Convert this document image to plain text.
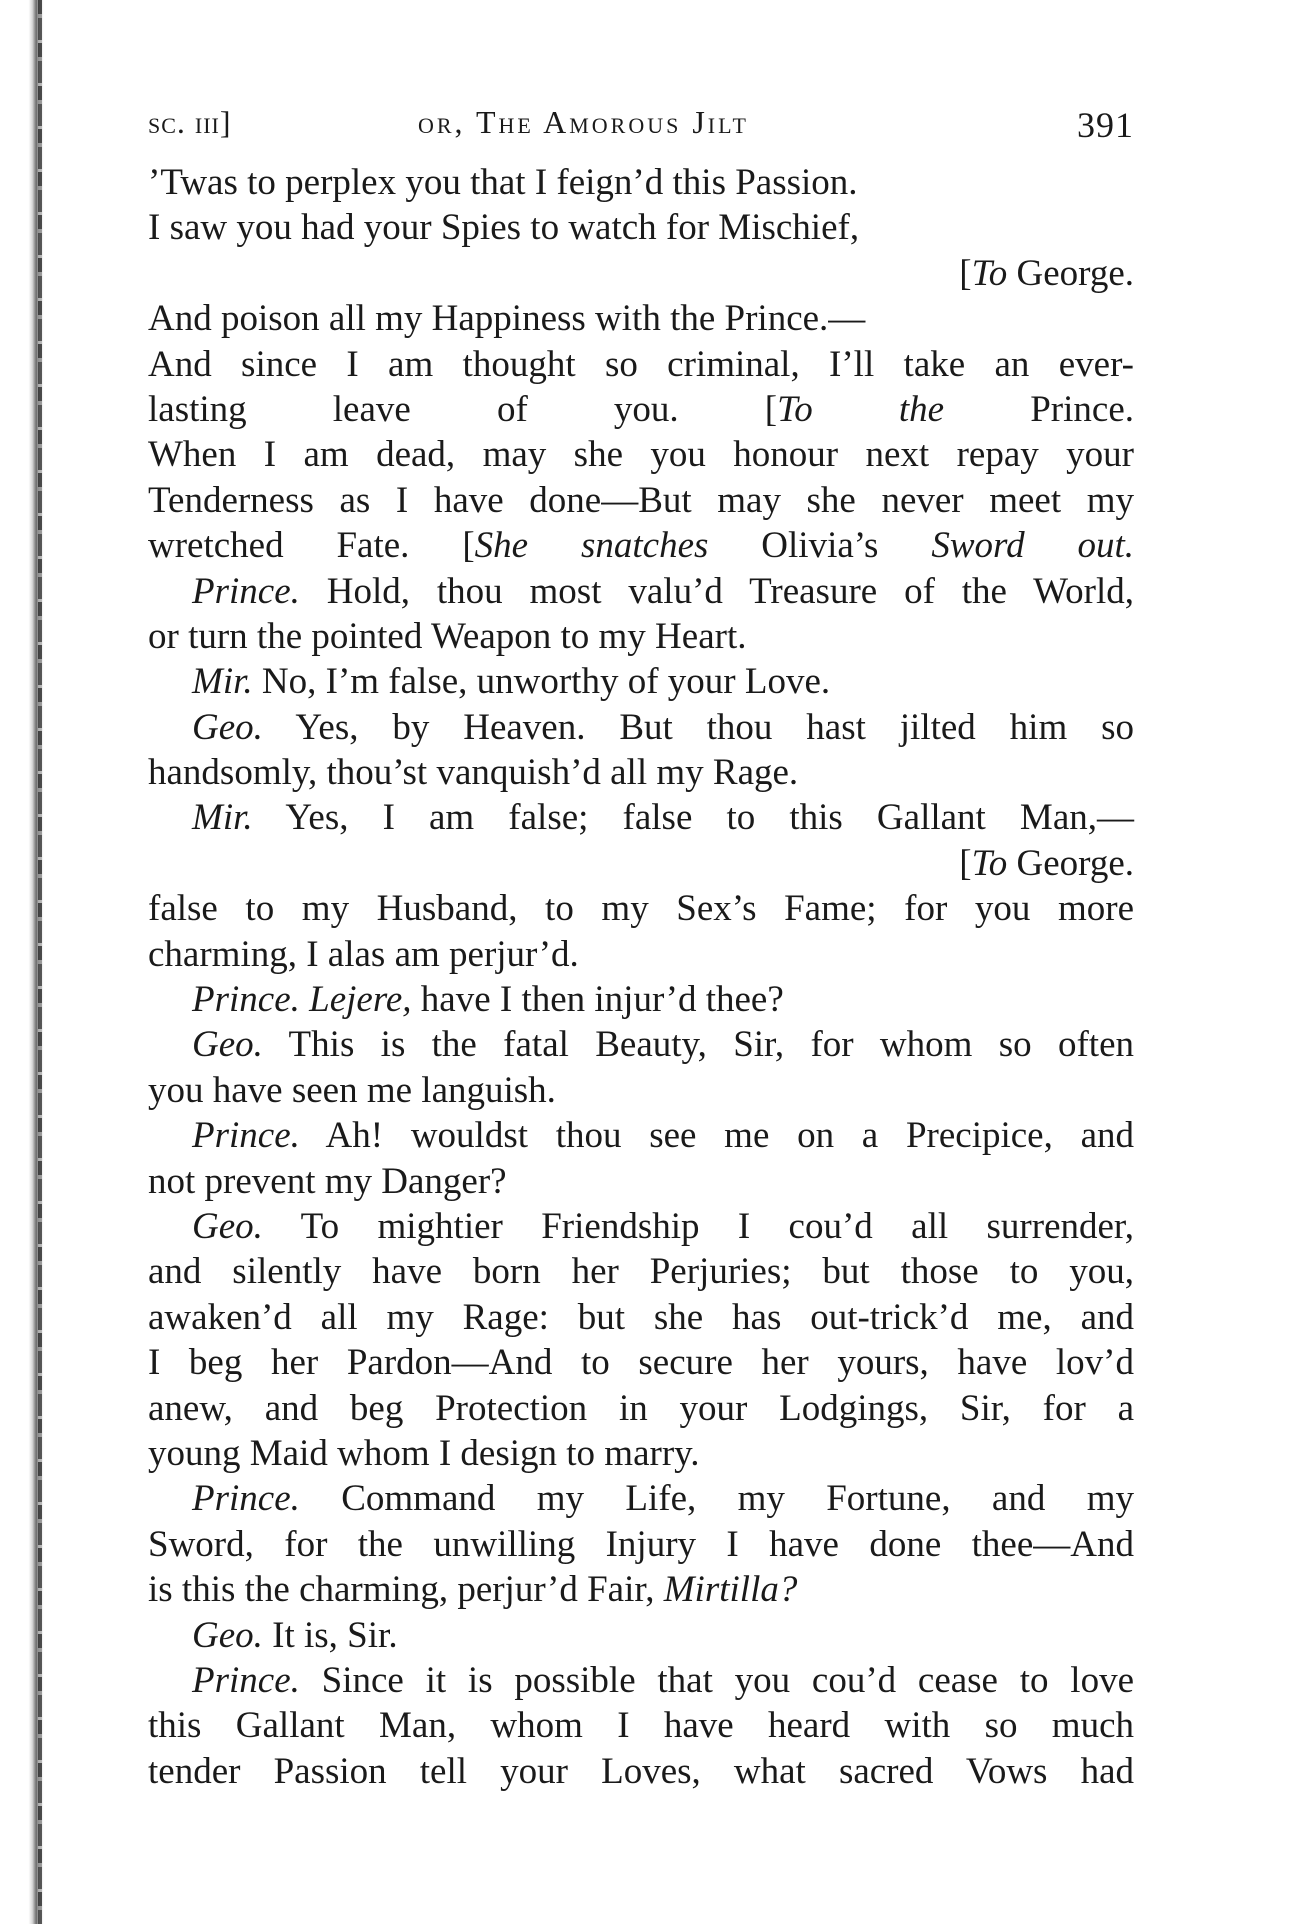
sc. iii]	or, The Amorous Jilt	391
’Twas to perplex you that I feign’d this Passion.
I saw you had your Spies to watch for Mischief,
[To George.
And poison all my Happiness with the Prince.—
And since I am thought so criminal, I’ll take an ever-
lasting leave of you. [To the Prince.
When I am dead, may she you honour next repay your
Tenderness as I have done—But may she never meet my
wretched Fate. [She snatches Olivia’s Sword out.
Prince. Hold, thou most valu’d Treasure of the World,
or turn the pointed Weapon to my Heart.
Mir. No, I’m false, unworthy of your Love.
Geo. Yes, by Heaven. But thou hast jilted him so
handsomly, thou’st vanquish’d all my Rage.
Mir. Yes, I am false; false to this Gallant Man,—
[To George.
false to my Husband, to my Sex’s Fame; for you more
charming, I alas am perjur’d.
Prince. Lejere, have I then injur’d thee?
Geo. This is the fatal Beauty, Sir, for whom so often
you have seen me languish.
Prince. Ah! wouldst thou see me on a Precipice, and
not prevent my Danger?
Geo. To mightier Friendship I cou’d all surrender,
and silently have born her Perjuries; but those to you,
awaken’d all my Rage: but she has out-trick’d me, and
I beg her Pardon—And to secure her yours, have lov’d
anew, and beg Protection in your Lodgings, Sir, for a
young Maid whom I design to marry.
Prince. Command my Life, my Fortune, and my
Sword, for the unwilling Injury I have done thee—And
is this the charming, perjur’d Fair, Mirtilla?
Geo. It is, Sir.
Prince. Since it is possible that you cou’d cease to love
this Gallant Man, whom I have heard with so much
tender Passion tell your Loves, what sacred Vows had
